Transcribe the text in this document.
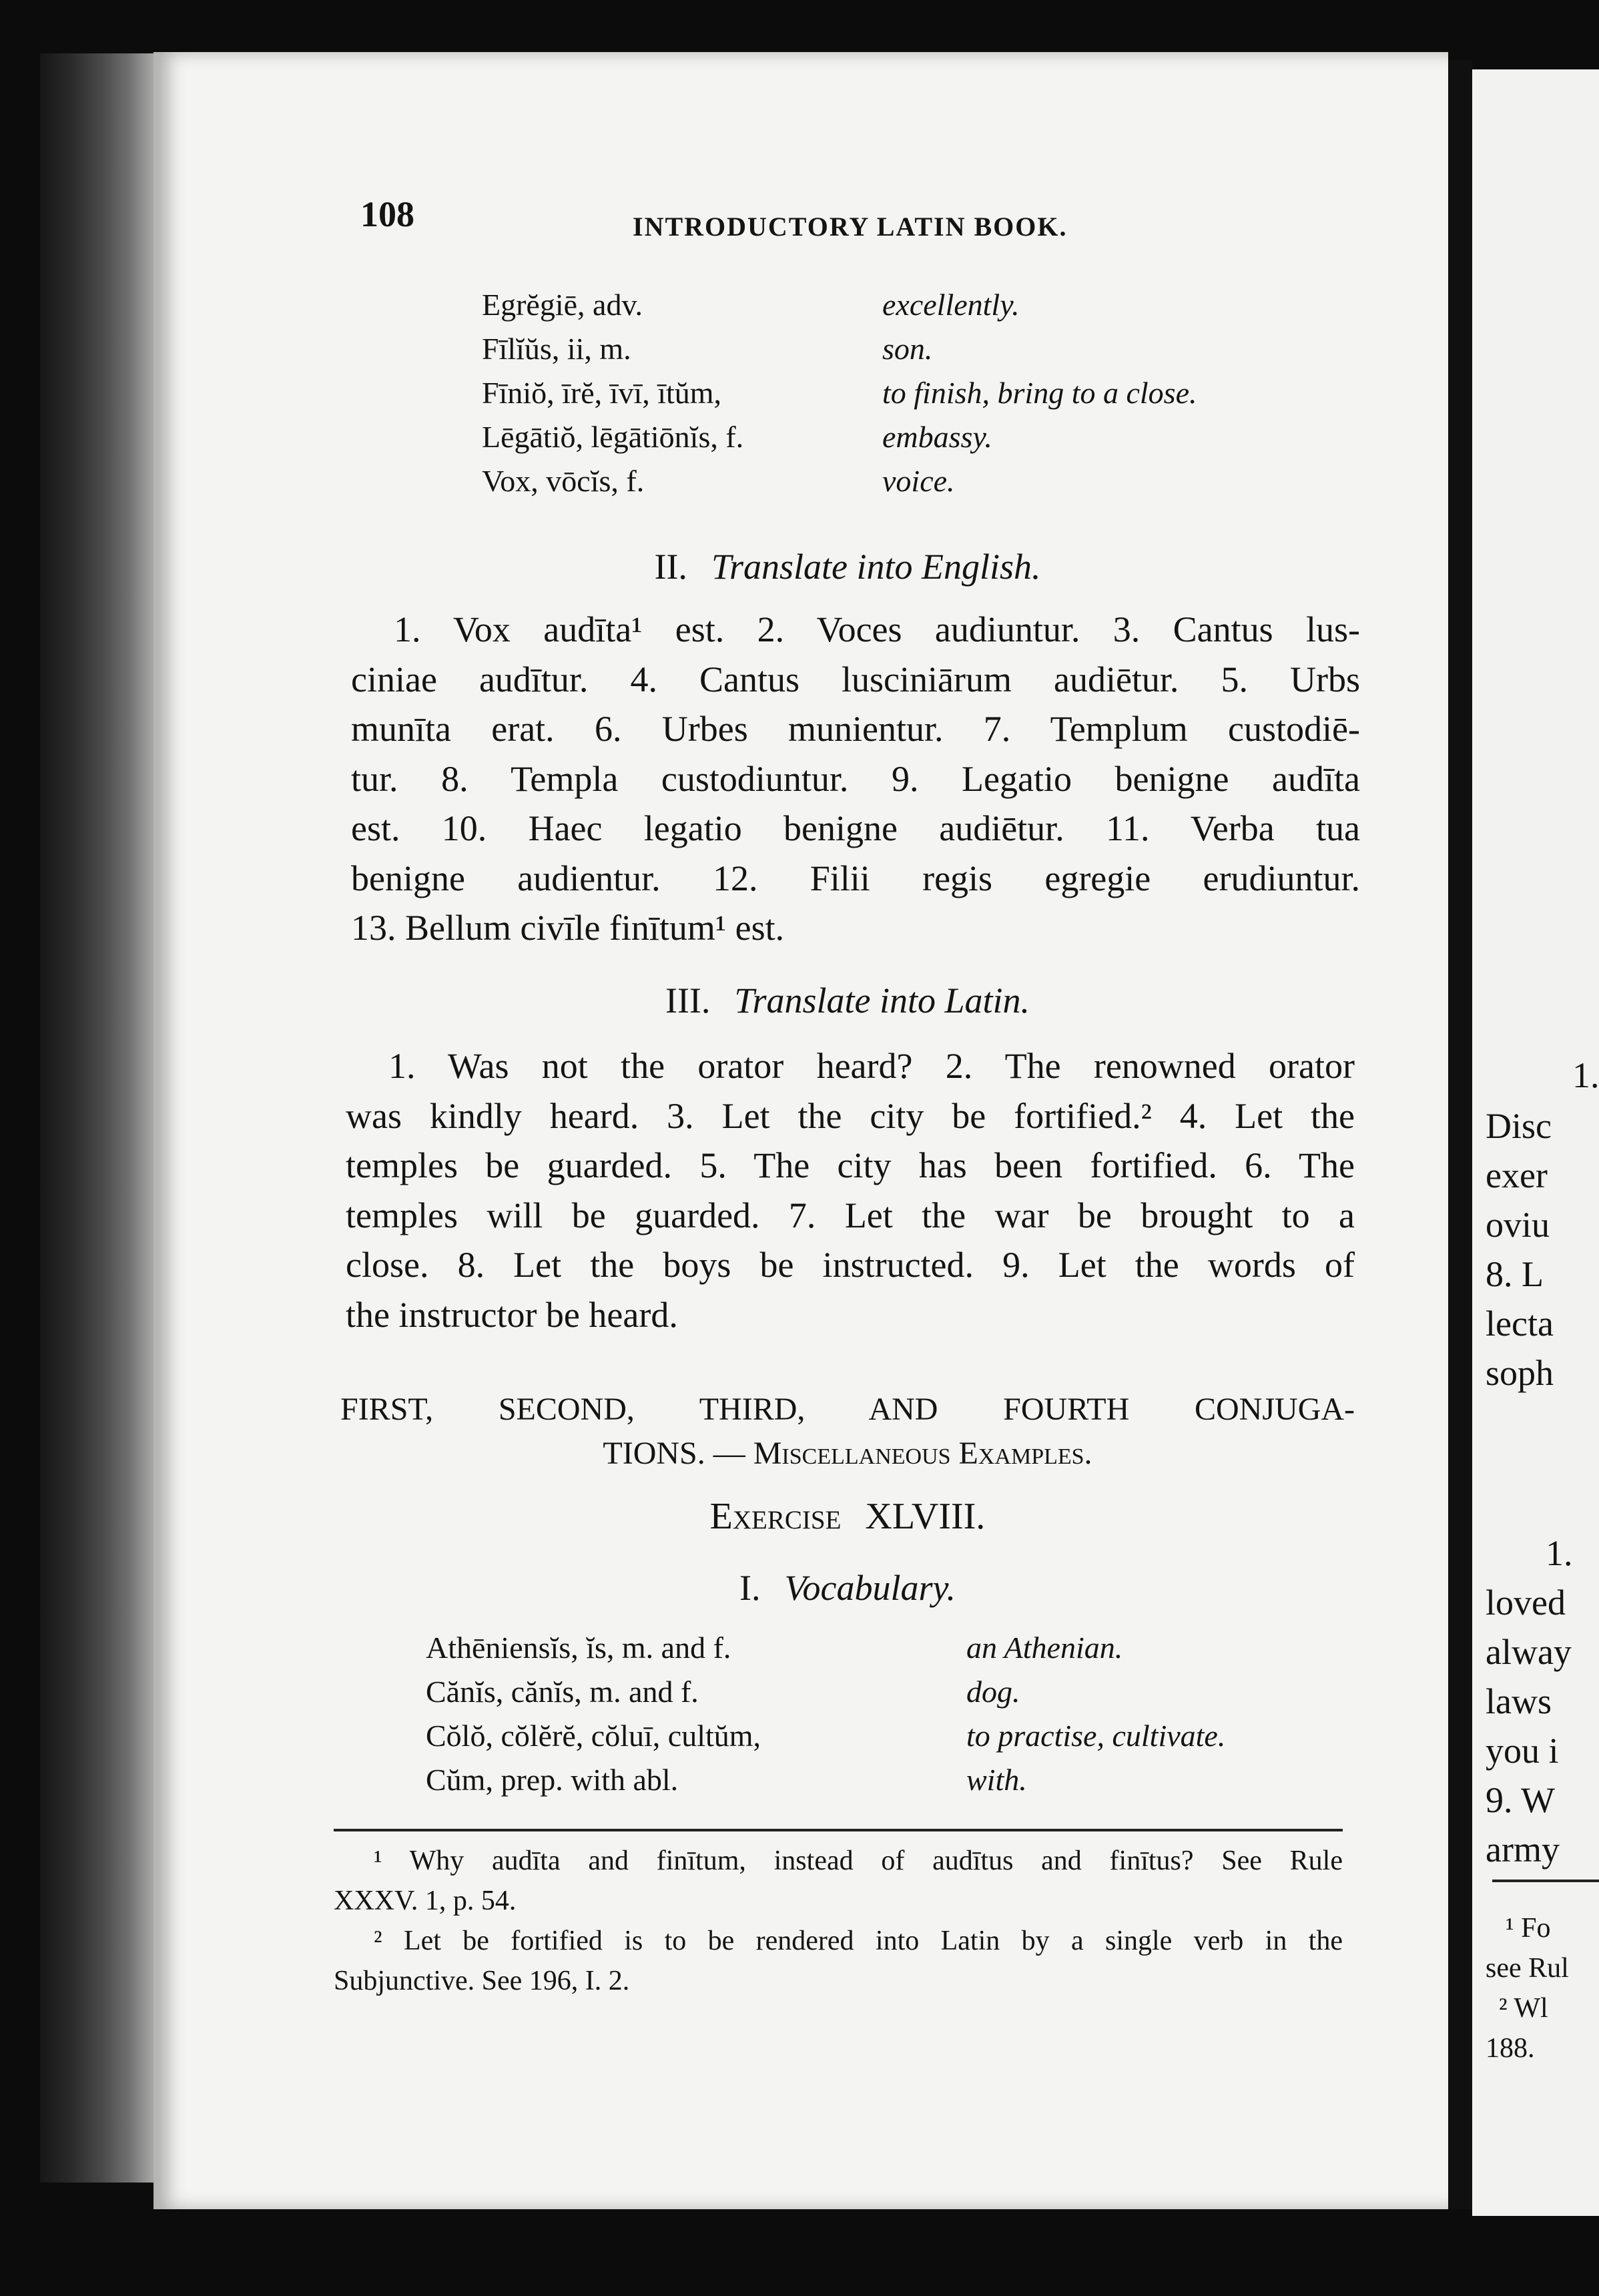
1.
Disc
exer
oviu
8. L
lecta
soph
1.
loved
alway
laws
you i
9. W
army
¹ Fo
see Rul
² Wl
188.
108	INTRODUCTORY LATIN BOOK.
Egrĕgiē, adv.	excellently.
Fīlĭŭs, ii, m.	son.
Fīniŏ, īrĕ, īvī, ītŭm,	to finish, bring to a close.
Lēgātiŏ, lēgātiōnĭs, f.	embassy.
Vox, vōcĭs, f.	voice.
II. Translate into English.
1. Vox audīta¹ est. 2. Voces audiuntur. 3. Cantus lus-
ciniae audītur. 4. Cantus lusciniārum audiētur. 5. Urbs
munīta erat. 6. Urbes munientur. 7. Templum custodiē-
tur. 8. Templa custodiuntur. 9. Legatio benigne audīta
est. 10. Haec legatio benigne audiētur. 11. Verba tua
benigne audientur. 12. Filii regis egregie erudiuntur.
13. Bellum civīle finītum¹ est.
III. Translate into Latin.
1. Was not the orator heard? 2. The renowned orator
was kindly heard. 3. Let the city be fortified.² 4. Let the
temples be guarded. 5. The city has been fortified. 6. The
temples will be guarded. 7. Let the war be brought to a
close. 8. Let the boys be instructed. 9. Let the words of
the instructor be heard.
FIRST, SECOND, THIRD, AND FOURTH CONJUGA-
TIONS. — Miscellaneous Examples.
Exercise XLVIII.
I. Vocabulary.
Athēniensĭs, ĭs, m. and f.	an Athenian.
Cănĭs, cănĭs, m. and f.	dog.
Cŏlŏ, cŏlĕrĕ, cŏluī, cultŭm,	to practise, cultivate.
Cŭm, prep. with abl.	with.
¹ Why audīta and finītum, instead of audītus and finītus? See Rule
XXXV. 1, p. 54.
² Let be fortified is to be rendered into Latin by a single verb in the
Subjunctive. See 196, I. 2.
